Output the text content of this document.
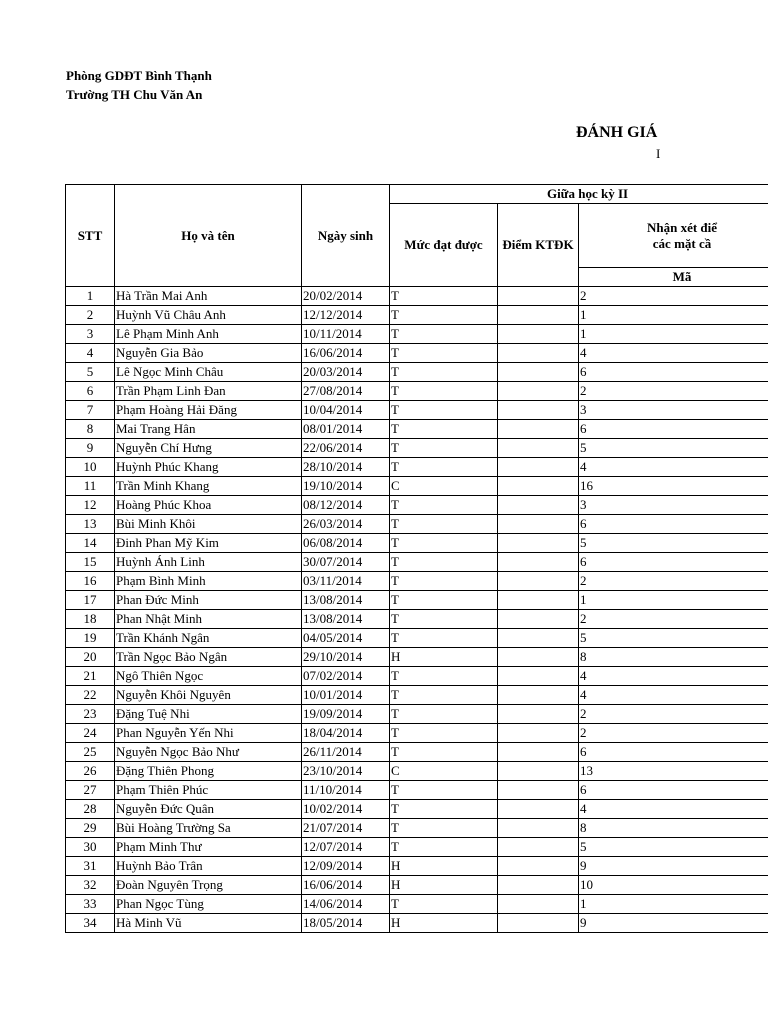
Phòng GDĐT Bình Thạnh
Trường TH Chu Văn An
ĐÁNH GIÁ
I
STT	Họ và tên	Ngày sinh	Giữa học kỳ II		
			Mức đạt được	Điểm KTĐK	Nhận xét điể
các mặt cầ

					Mã
1	Hà Trần Mai Anh	20/02/2014	T		2
2	Huỳnh Vũ Châu Anh	12/12/2014	T		1
3	Lê Phạm Minh Anh	10/11/2014	T		1
4	Nguyễn Gia Bảo	16/06/2014	T		4
5	Lê Ngọc Minh Châu	20/03/2014	T		6
6	Trần Phạm Linh Đan	27/08/2014	T		2
7	Phạm Hoàng Hải Đăng	10/04/2014	T		3
8	Mai Trang Hân	08/01/2014	T		6
9	Nguyễn Chí Hưng	22/06/2014	T		5
10	Huỳnh Phúc Khang	28/10/2014	T		4
11	Trần Minh Khang	19/10/2014	C		16
12	Hoàng Phúc Khoa	08/12/2014	T		3
13	Bùi Minh Khôi	26/03/2014	T		6
14	Đinh Phan Mỹ Kim	06/08/2014	T		5
15	Huỳnh Ánh Linh	30/07/2014	T		6
16	Phạm Bình Minh	03/11/2014	T		2
17	Phan Đức Minh	13/08/2014	T		1
18	Phan Nhật Minh	13/08/2014	T		2
19	Trần Khánh Ngân	04/05/2014	T		5
20	Trần Ngọc Bảo Ngân	29/10/2014	H		8
21	Ngô Thiên Ngọc	07/02/2014	T		4
22	Nguyễn Khôi Nguyên	10/01/2014	T		4
23	Đặng Tuệ Nhi	19/09/2014	T		2
24	Phan Nguyễn Yến Nhi	18/04/2014	T		2
25	Nguyễn Ngọc Bảo Như	26/11/2014	T		6
26	Đặng Thiên Phong	23/10/2014	C		13
27	Phạm Thiên Phúc	11/10/2014	T		6
28	Nguyễn Đức Quân	10/02/2014	T		4
29	Bùi Hoàng Trường Sa	21/07/2014	T		8
30	Phạm Minh Thư	12/07/2014	T		5
31	Huỳnh Bảo Trân	12/09/2014	H		9
32	Đoàn Nguyên Trọng	16/06/2014	H		10
33	Phan Ngọc Tùng	14/06/2014	T		1
34	Hà Minh Vũ	18/05/2014	H		9
